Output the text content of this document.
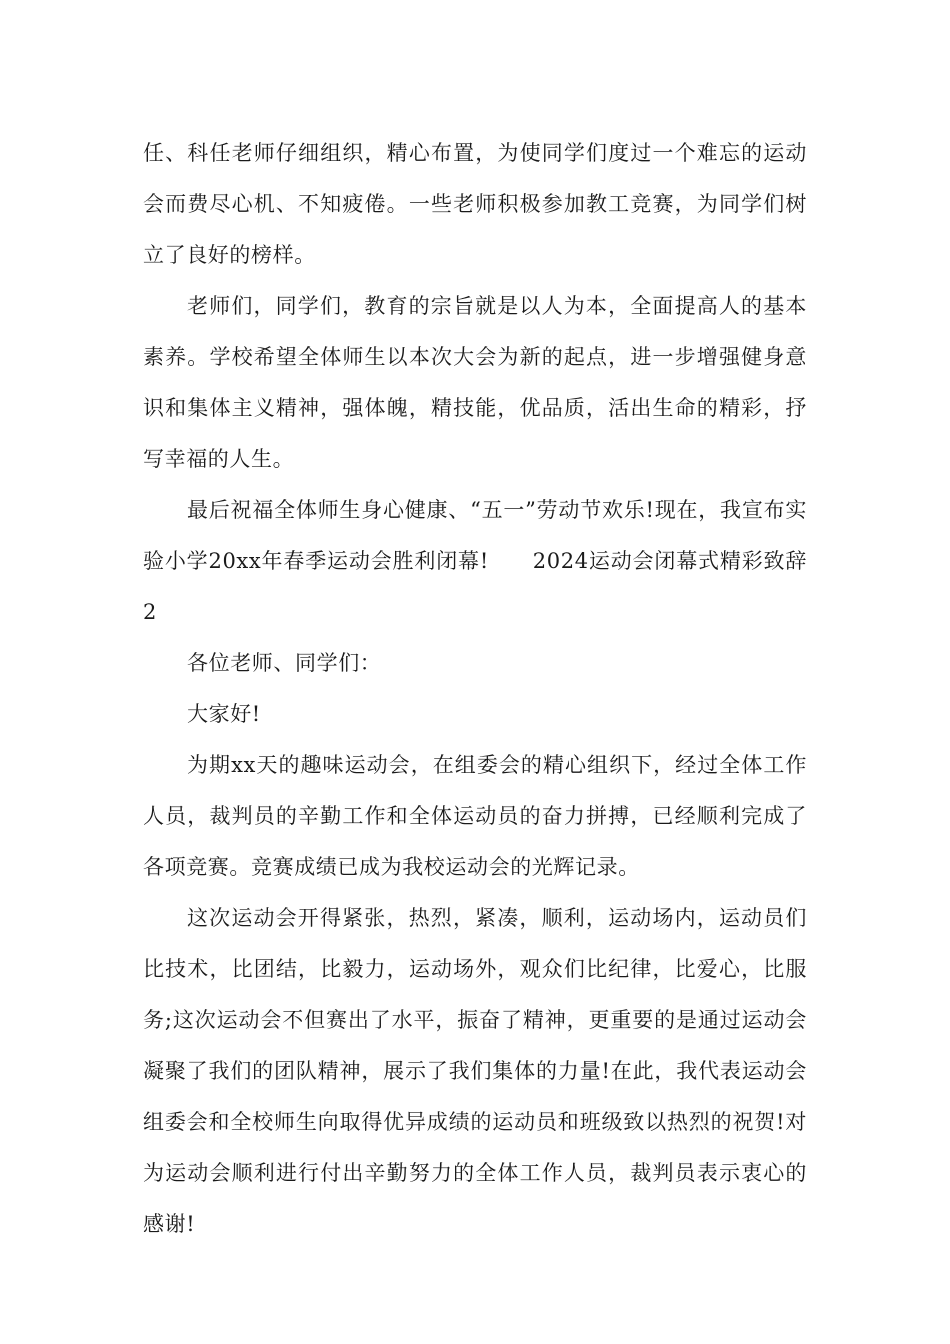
任、科任老师仔细组织，精心布置，为使同学们度过一个难忘的运动会而费尽心机、不知疲倦。一些老师积极参加教工竞赛，为同学们树立了良好的榜样。

老师们，同学们，教育的宗旨就是以人为本，全面提高人的基本素养。学校希望全体师生以本次大会为新的起点，进一步增强健身意识和集体主义精神，强体魄，精技能，优品质，活出生命的精彩，抒写幸福的人生。

最后祝福全体师生身心健康、“五一”劳动节欢乐!现在，我宣布实验小学20xx年春季运动会胜利闭幕!　　2024运动会闭幕式精彩致辞2

各位老师、同学们：

大家好!

为期xx天的趣味运动会，在组委会的精心组织下，经过全体工作人员，裁判员的辛勤工作和全体运动员的奋力拼搏，已经顺利完成了各项竞赛。竞赛成绩已成为我校运动会的光辉记录。

这次运动会开得紧张，热烈，紧凑，顺利，运动场内，运动员们比技术，比团结，比毅力，运动场外，观众们比纪律，比爱心，比服务;这次运动会不但赛出了水平，振奋了精神，更重要的是通过运动会凝聚了我们的团队精神，展示了我们集体的力量!在此，我代表运动会组委会和全校师生向取得优异成绩的运动员和班级致以热烈的祝贺!对为运动会顺利进行付出辛勤努力的全体工作人员，裁判员表示衷心的感谢!
